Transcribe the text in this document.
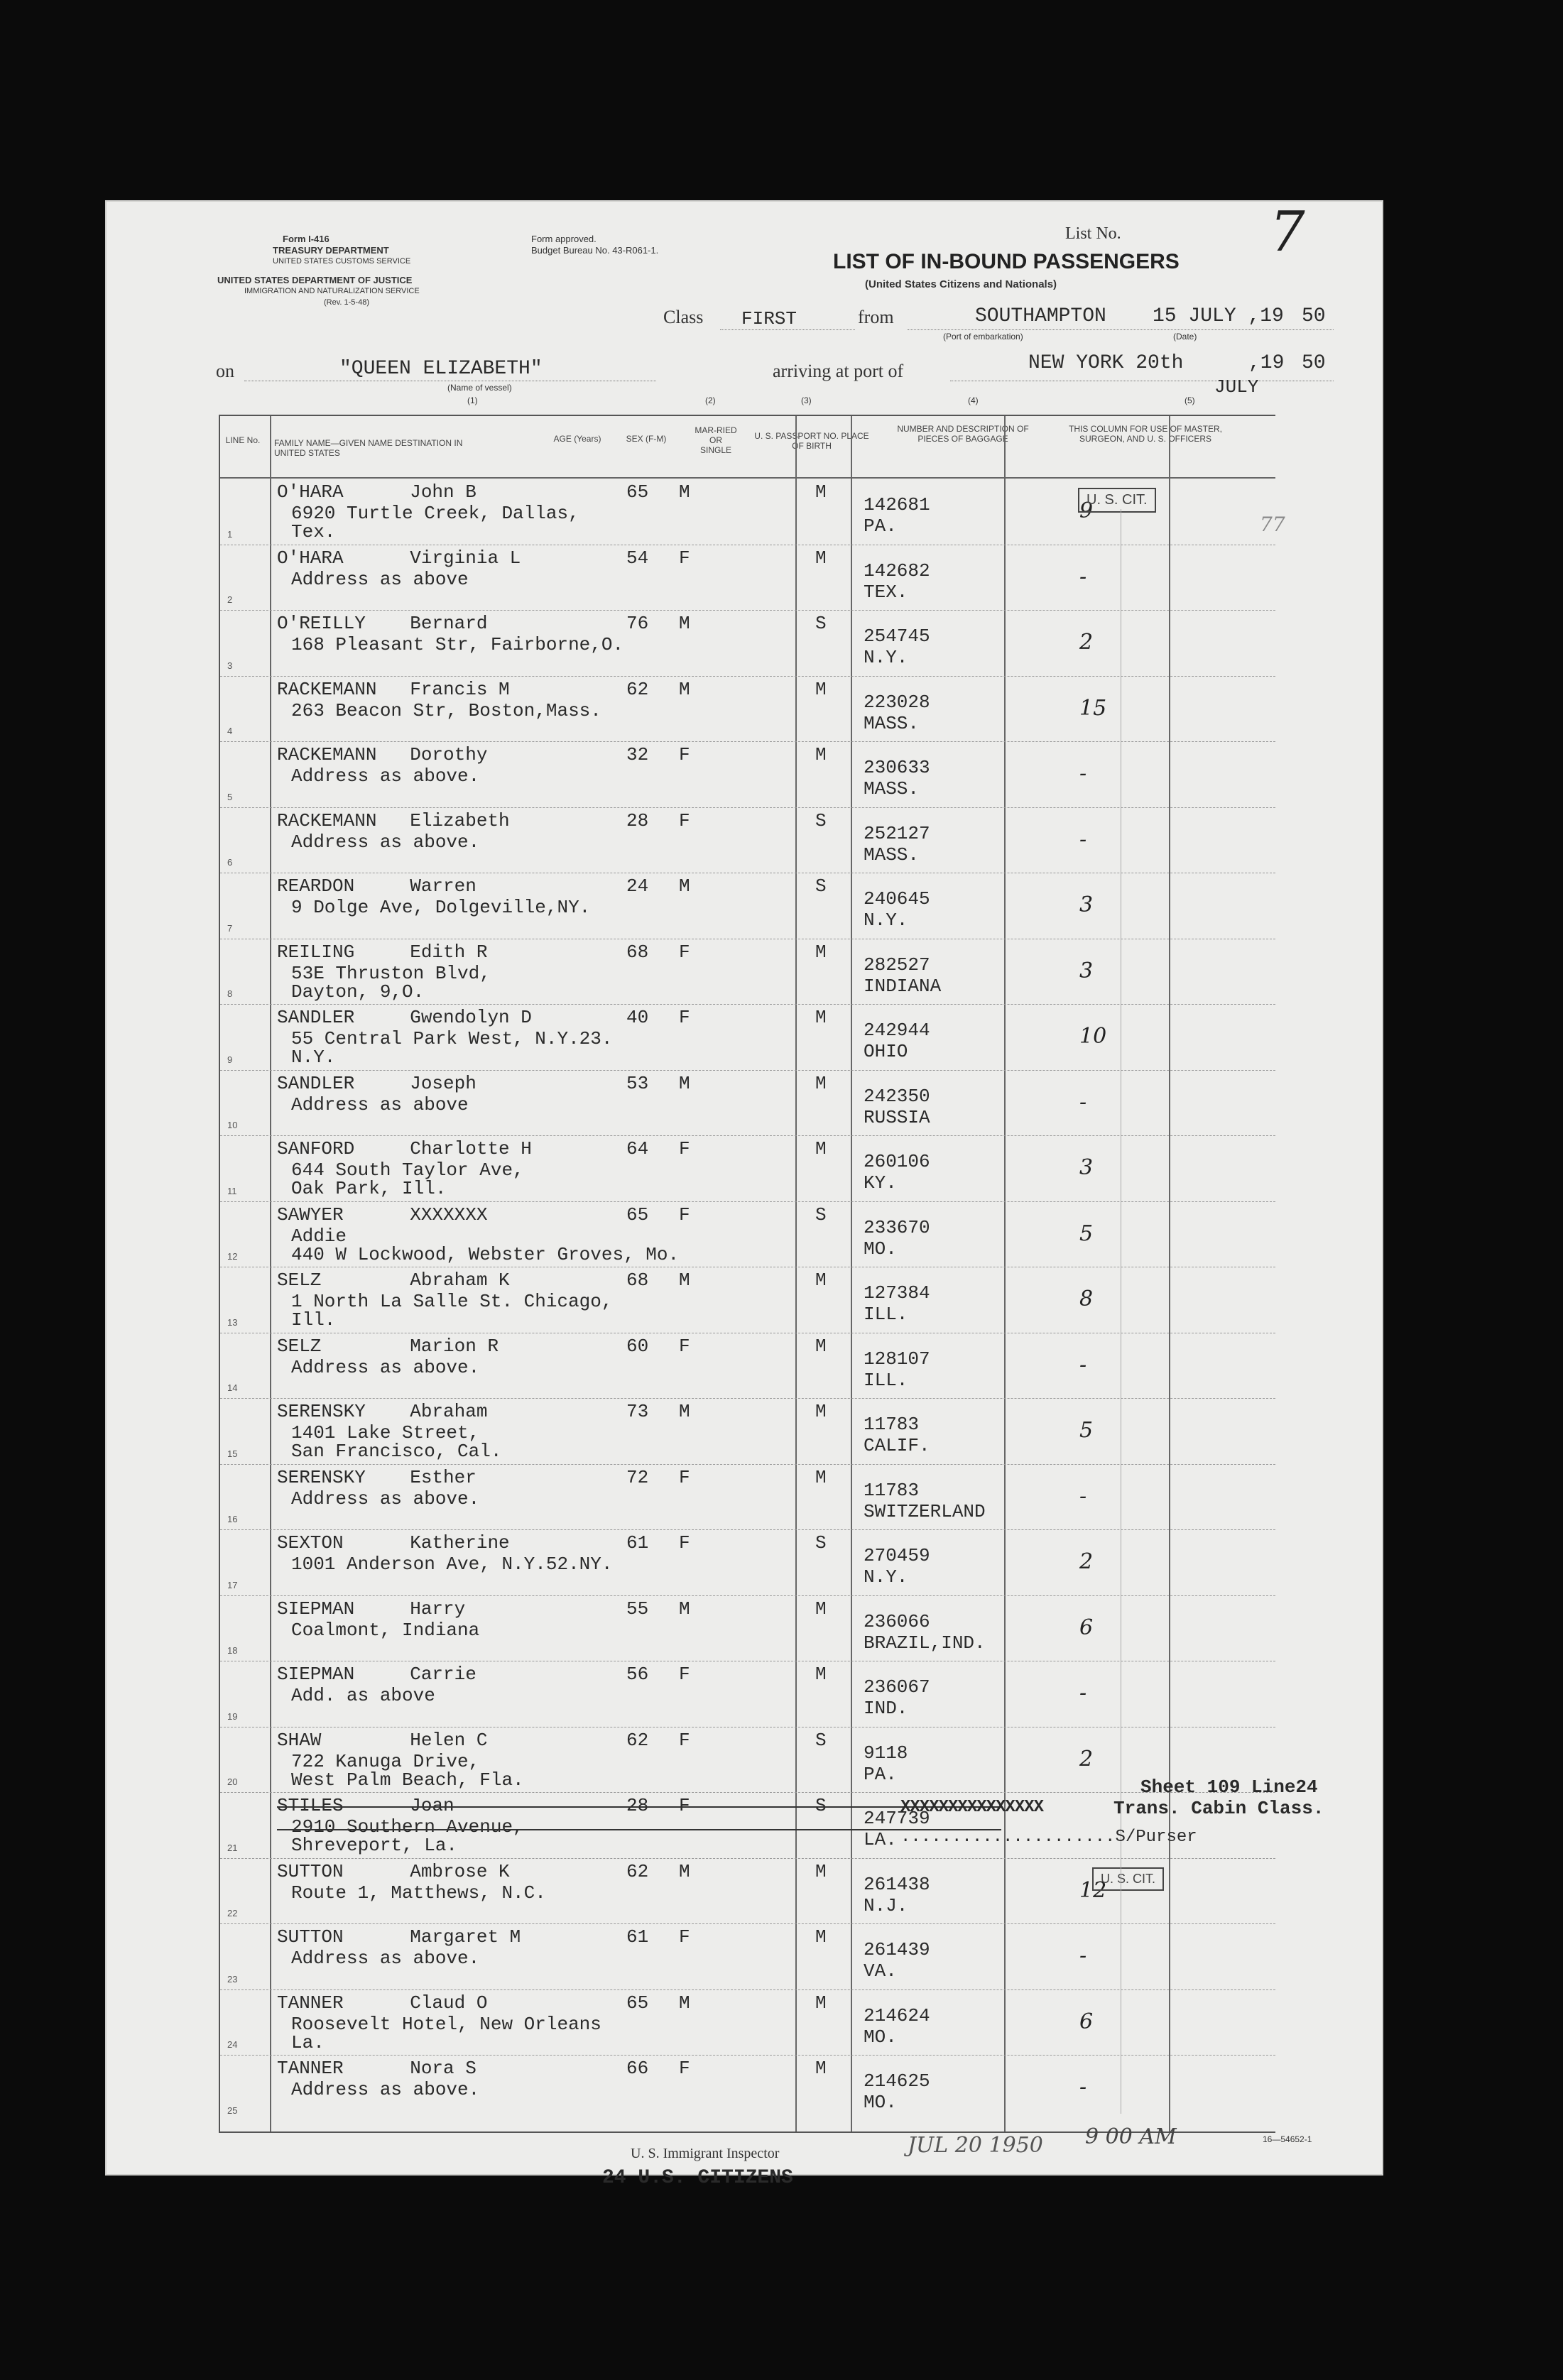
Form I-416
TREASURY DEPARTMENT
UNITED STATES CUSTOMS SERVICE
UNITED STATES DEPARTMENT OF JUSTICE
IMMIGRATION AND NATURALIZATION SERVICE
(Rev. 1-5-48)
Form approved.
Budget Bureau No. 43-R061-1.
List No.	7
LIST OF IN-BOUND PASSENGERS
(United States Citizens and Nationals)
Class FIRST	from	SOUTHAMPTON 15 JULY ,19 50
(Port of embarkation)	(Date)
on	"QUEEN ELIZABETH"
(Name of vessel)
(1)
arriving at port of	NEW YORK 20th	,19 50
JULY
(5)
(2)	(3)	(4)
LINE No.	FAMILY NAME—GIVEN NAME DESTINATION IN UNITED STATES
AGE (Years)	SEX (F-M)
MAR-RIED OR SINGLE
U. S. PASSPORT NO. PLACE OF BIRTH
NUMBER AND DESCRIPTION OF PIECES OF BAGGAGE
THIS COLUMN FOR USE OF MASTER, SURGEON, AND U. S. OFFICERS
1
O'HARA      John B
6920 Turtle Creek, Dallas,
Tex.
65 M	M
142681
PA.
9
2
O'HARA      Virginia L
Address as above
54 F	M
142682
TEX.
-
3
O'REILLY    Bernard
168 Pleasant Str, Fairborne,O.
76 M	S
254745
N.Y.
2
4
RACKEMANN   Francis M
263 Beacon Str, Boston,Mass.
62 M	M
223028
MASS.
15
5
RACKEMANN   Dorothy
Address as above.
32 F	M
230633
MASS.
-
6
RACKEMANN   Elizabeth
Address as above.
28 F	S
252127
MASS.
-
7
REARDON     Warren
9 Dolge Ave, Dolgeville,NY.
24 M	S
240645
N.Y.
3
8
REILING     Edith R
53E Thruston Blvd,
Dayton, 9,O.
68 F	M
282527
INDIANA
3
9
SANDLER     Gwendolyn D
55 Central Park West, N.Y.23.
N.Y.
40 F	M
242944
OHIO
10
10
SANDLER     Joseph
Address as above
53 M	M
242350
RUSSIA
-
11
SANFORD     Charlotte H
644 South Taylor Ave,
Oak Park, Ill.
64 F	M
260106
KY.
3
12
SAWYER      XXXXXXX
Addie
440 W Lockwood, Webster Groves, Mo.
65 F	S
233670
MO.
5
13
SELZ        Abraham K
1 North La Salle St. Chicago,
Ill.
68 M	M
127384
ILL.
8
14
SELZ        Marion R
Address as above.
60 F	M
128107
ILL.
-
15
SERENSKY    Abraham
1401 Lake Street,
San Francisco, Cal.
73 M	M
11783
CALIF.
5
16
SERENSKY    Esther
Address as above.
72 F	M
11783
SWITZERLAND
-
17
SEXTON      Katherine
1001 Anderson Ave, N.Y.52.NY.
61 F	S
270459
N.Y.
2
18
SIEPMAN     Harry
Coalmont, Indiana
55 M	M
236066
BRAZIL,IND.
6
19
SIEPMAN     Carrie
Add. as above
56 F	M
236067
IND.
-
20
SHAW        Helen C
722 Kanuga Drive,
West Palm Beach, Fla.
62 F	S
9118
PA.
2
21
STILES      Joan
2910 Southern Avenue,
Shreveport, La.
28 F	S
247739
LA.
22
SUTTON      Ambrose K
Route 1, Matthews, N.C.
62 M	M
261438
N.J.
12
23
SUTTON      Margaret M
Address as above.
61 F	M
261439
VA.
-
24
TANNER      Claud O
Roosevelt Hotel, New Orleans
La.
65 M	M
214624
MO.
6
25
TANNER      Nora S
Address as above.
66 F	M
214625
MO.
-
U. S. CIT.
77
U. S. CIT.
Sheet 109 Line24
XXXXXXXXXXXXXXX	Trans. Cabin Class.
.....................S/Purser
U. S. Immigrant Inspector	JUL 20 1950 9 00 AM
24 U.S. CITIZENS
16—54652-1
